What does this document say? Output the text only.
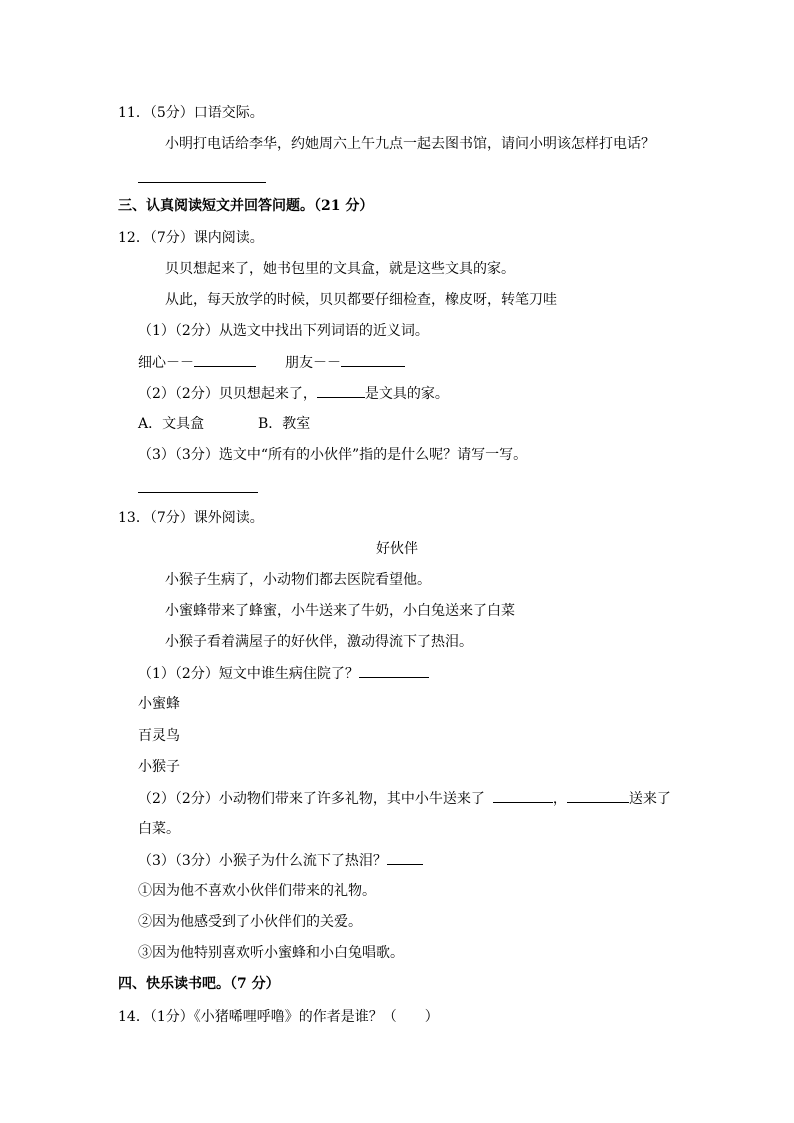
11．（5分）口语交际。
小明打电话给李华，约她周六上午九点一起去图书馆，请问小明该怎样打电话？
三、认真阅读短文并回答问题。（21 分）
12．（7分）课内阅读。
贝贝想起来了，她书包里的文具盒，就是这些文具的家。
从此，每天放学的时候，贝贝都要仔细检查，橡皮呀，转笔刀哇
（1）（2分）从选文中找出下列词语的近义词。
细心－－	朋友－－
（2）（2分）贝贝想起来了，	是文具的家。
A．文具盒	B．教室
（3）（3分）选文中“所有的小伙伴”指的是什么呢？请写一写。
13．（7分）课外阅读。
好伙伴
小猴子生病了，小动物们都去医院看望他。
小蜜蜂带来了蜂蜜，小牛送来了牛奶，小白兔送来了白菜
小猴子看着满屋子的好伙伴，激动得流下了热泪。
（1）（2分）短文中谁生病住院了？
小蜜蜂
百灵鸟
小猴子
（2）（2分）小动物们带来了许多礼物，其中小牛送来了	，	送来了
白菜。
（3）（3分）小猴子为什么流下了热泪？
①因为他不喜欢小伙伴们带来的礼物。
②因为他感受到了小伙伴们的关爱。
③因为他特别喜欢听小蜜蜂和小白兔唱歌。
四、快乐读书吧。（7 分）
14．（1分）《小猪唏哩呼噜》的作者是谁？（　　）
